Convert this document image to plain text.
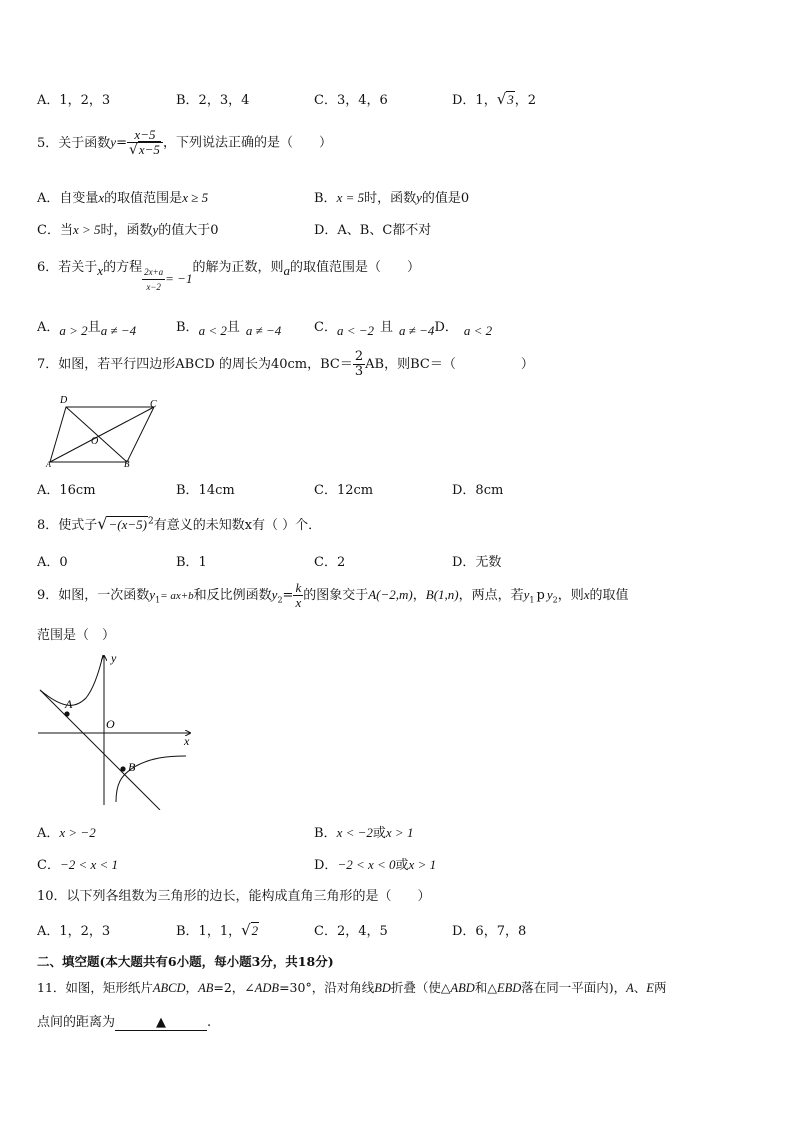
A．1，2，3	B．2，3，4	C．3，4，6	D．1，√3，2
5．关于函数$y= \frac{x-5}{√x-5}$ ，下列说法正确的是（　　）
A．自变量x的取值范围是x ≥ 5	B．x = 5时，函数y的值是0
C．当x > 5时，函数y的值大于0	D．A、B、C都不对
6．若关于x的方程 $\frac{2x+a}{x-2} = -1$的解为正数，则a的取值范围是（　　）
A．a > 2且a ≠ −4	B．a < 2且 a ≠ −4	C．a < −2 且 a ≠ −4D． a < 2
7．如图，若平行四边形ABCD 的周长为40cm，$BC= \frac{2}{3}$ AB，则BC＝（　　　　　）
D	C
O
A	B
A．16cm	B．14cm	C．12cm	D．8cm
8．使式子$√-(x-5)^2$有意义的未知数x有（ ）个．
A．0	B．1	C．2	D．无数
9．如图，一次函数$y_1= ax+b$和反比例函数$y_2= \frac{k}{x}$ 的图象交于A(−2,m)，B(1,n)，两点，若$y_1$ p $y_2$，则x的取值
范围是（　）
y
x
O
A
B
A．x > −2	B．x < −2或x > 1
C．−2 < x < 1	D．−2 < x < 0或x > 1
10．以下列各组数为三角形的边长，能构成直角三角形的是（　　）
A．1，2，3	B．1，1，√2	C．2，4，5	D．6，7，8
二、填空题(本大题共有6小题，每小题3分，共18分)
11．如图，矩形纸片ABCD，AB=2，∠ADB=30°，沿对角线BD折叠（使△ABD和△EBD落在同一平面内)，A、E两
点间的距离为	▲	.
